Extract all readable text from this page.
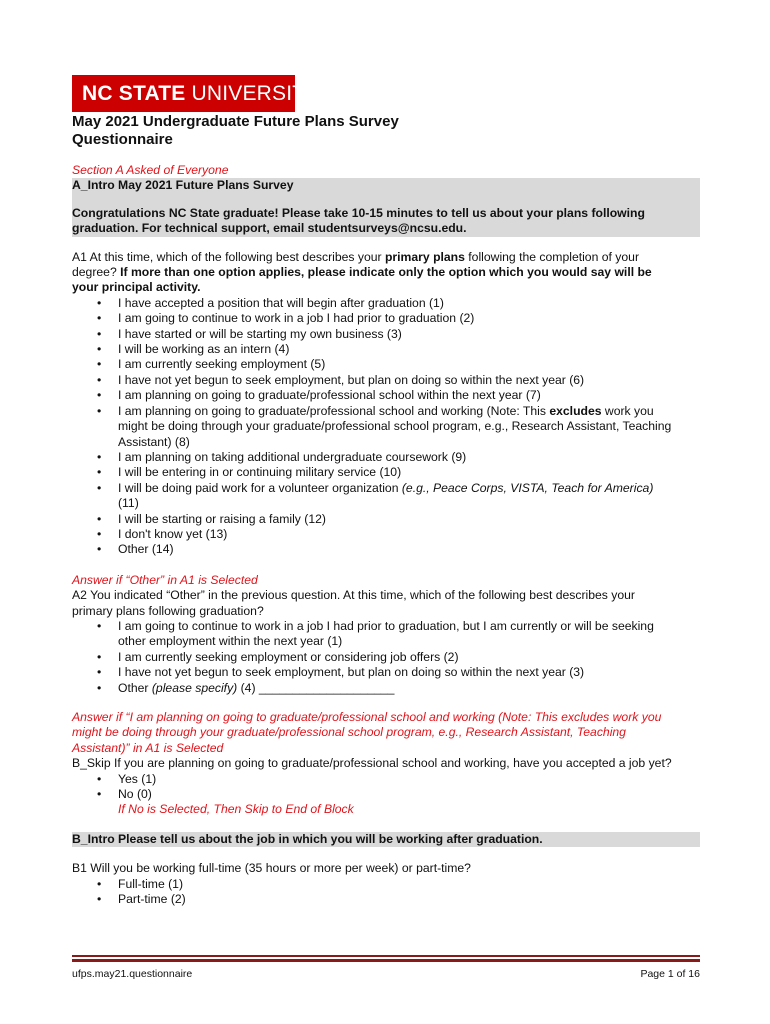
NC STATE UNIVERSITY

May 2021 Undergraduate Future Plans Survey
Questionnaire

Section A Asked of Everyone

A_Intro May 2021 Future Plans Survey
Congratulations NC State graduate! Please take 10-15 minutes to tell us about your plans following
graduation. For technical support, email studentsurveys@ncsu.edu.

A1 At this time, which of the following best describes your primary plans following the completion of your

degree? If more than one option applies, please indicate only the option which you would say will be

your principal activity.

• I have accepted a position that will begin after graduation (1)
• I am going to continue to work in a job I had prior to graduation (2)
• I have started or will be starting my own business (3)
• I will be working as an intern (4)
• I am currently seeking employment (5)
• I have not yet begun to seek employment, but plan on doing so within the next year (6)
• I am planning on going to graduate/professional school within the next year (7)
• I am planning on going to graduate/professional school and working (Note: This excludes work you
might be doing through your graduate/professional school program, e.g., Research Assistant, Teaching
Assistant) (8)
• I am planning on taking additional undergraduate coursework (9)
• I will be entering in or continuing military service (10)
• I will be doing paid work for a volunteer organization (e.g., Peace Corps, VISTA, Teach for America)
(11)
• I will be starting or raising a family (12)
• I don't know yet (13)
• Other (14)

Answer if “Other” in A1 is Selected

A2 You indicated “Other” in the previous question. At this time, which of the following best describes your

primary plans following graduation?

• I am going to continue to work in a job I had prior to graduation, but I am currently or will be seeking
other employment within the next year (1)
• I am currently seeking employment or considering job offers (2)
• I have not yet begun to seek employment, but plan on doing so within the next year (3)
• Other (please specify) (4) ____________________

Answer if “I am planning on going to graduate/professional school and working (Note: This excludes work you

might be doing through your graduate/professional school program, e.g., Research Assistant, Teaching

Assistant)” in A1 is Selected

B_Skip If you are planning on going to graduate/professional school and working, have you accepted a job yet?

• Yes (1)
• No (0)

If No is Selected, Then Skip to End of Block

B_Intro Please tell us about the job in which you will be working after graduation.

B1 Will you be working full-time (35 hours or more per week) or part-time?

• Full-time (1)
• Part-time (2)
ufps.may21.questionnaire	Page 1 of 16
